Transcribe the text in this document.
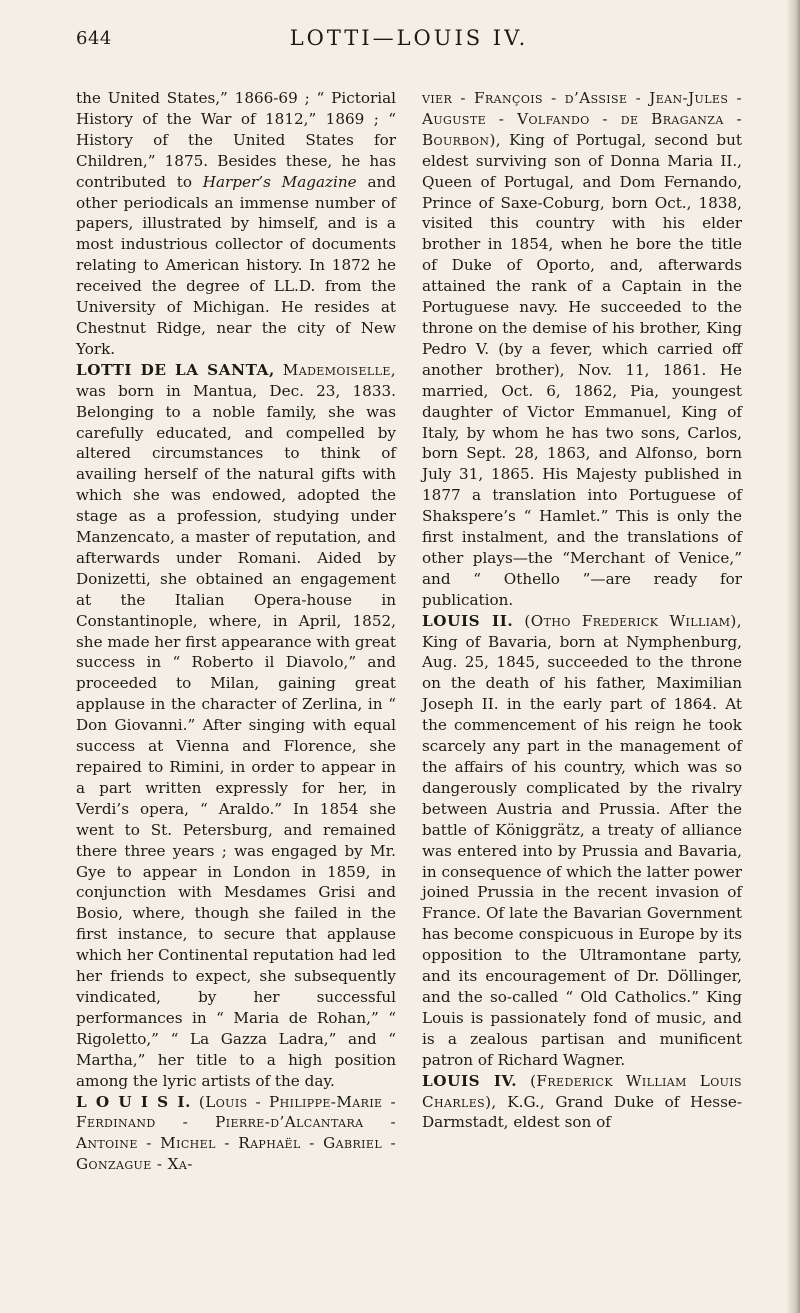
644	LOTTI—LOUIS IV.

the United States,” 1866-69 ; “ Pictorial History of the War of 1812,” 1869 ; “ History of the United States for Children,” 1875. Besides these, he has contributed to Harper’s Magazine and other periodicals an immense number of papers, illustrated by himself, and is a most industrious collector of documents relating to American history. In 1872 he received the degree of LL.D. from the University of Michigan. He resides at Chestnut Ridge, near the city of New York.

LOTTI DE LA SANTA, Mademoiselle, was born in Mantua, Dec. 23, 1833. Belonging to a noble family, she was carefully educated, and compelled by altered circumstances to think of availing herself of the natural gifts with which she was endowed, adopted the stage as a profession, studying under Manzencato, a master of reputation, and afterwards under Romani. Aided by Donizetti, she obtained an engagement at the Italian Opera-house in Constantinople, where, in April, 1852, she made her first appearance with great success in “ Roberto il Diavolo,” and proceeded to Milan, gaining great applause in the character of Zerlina, in “ Don Giovanni.” After singing with equal success at Vienna and Florence, she repaired to Rimini, in order to appear in a part written expressly for her, in Verdi’s opera, “ Araldo.” In 1854 she went to St. Petersburg, and remained there three years ; was engaged by Mr. Gye to appear in London in 1859, in conjunction with Mesdames Grisi and Bosio, where, though she failed in the first instance, to secure that applause which her Continental reputation had led her friends to expect, she subsequently vindicated, by her successful performances in “ Maria de Rohan,” “ Rigoletto,” “ La Gazza Ladra,” and “ Martha,” her title to a high position among the lyric artists of the day.

L O U I S I. (Louis - Philippe-Marie - Ferdinand - Pierre-d’Alcantara - Antoine - Michel - Raphaël - Gabriel - Gonzague - Xa-

vier - François - d’Assise - Jean-Jules - Auguste - Volfando - de Braganza - Bourbon), King of Portugal, second but eldest surviving son of Donna Maria II., Queen of Portugal, and Dom Fernando, Prince of Saxe-Coburg, born Oct., 1838, visited this country with his elder brother in 1854, when he bore the title of Duke of Oporto, and, afterwards attained the rank of a Captain in the Portuguese navy. He succeeded to the throne on the demise of his brother, King Pedro V. (by a fever, which carried off another brother), Nov. 11, 1861. He married, Oct. 6, 1862, Pia, youngest daughter of Victor Emmanuel, King of Italy, by whom he has two sons, Carlos, born Sept. 28, 1863, and Alfonso, born July 31, 1865. His Majesty published in 1877 a translation into Portuguese of Shakspere’s “ Hamlet.” This is only the first instalment, and the translations of other plays—the “Merchant of Venice,” and “ Othello ”—are ready for publication.

LOUIS II. (Otho Frederick William), King of Bavaria, born at Nymphenburg, Aug. 25, 1845, succeeded to the throne on the death of his father, Maximilian Joseph II. in the early part of 1864. At the commencement of his reign he took scarcely any part in the management of the affairs of his country, which was so dangerously complicated by the rivalry between Austria and Prussia. After the battle of Königgrätz, a treaty of alliance was entered into by Prussia and Bavaria, in consequence of which the latter power joined Prussia in the recent invasion of France. Of late the Bavarian Government has become conspicuous in Europe by its opposition to the Ultramontane party, and its encouragement of Dr. Döllinger, and the so-called “ Old Catholics.” King Louis is passionately fond of music, and is a zealous partisan and munificent patron of Richard Wagner.

LOUIS IV. (Frederick William Louis Charles), K.G., Grand Duke of Hesse-Darmstadt, eldest son of
